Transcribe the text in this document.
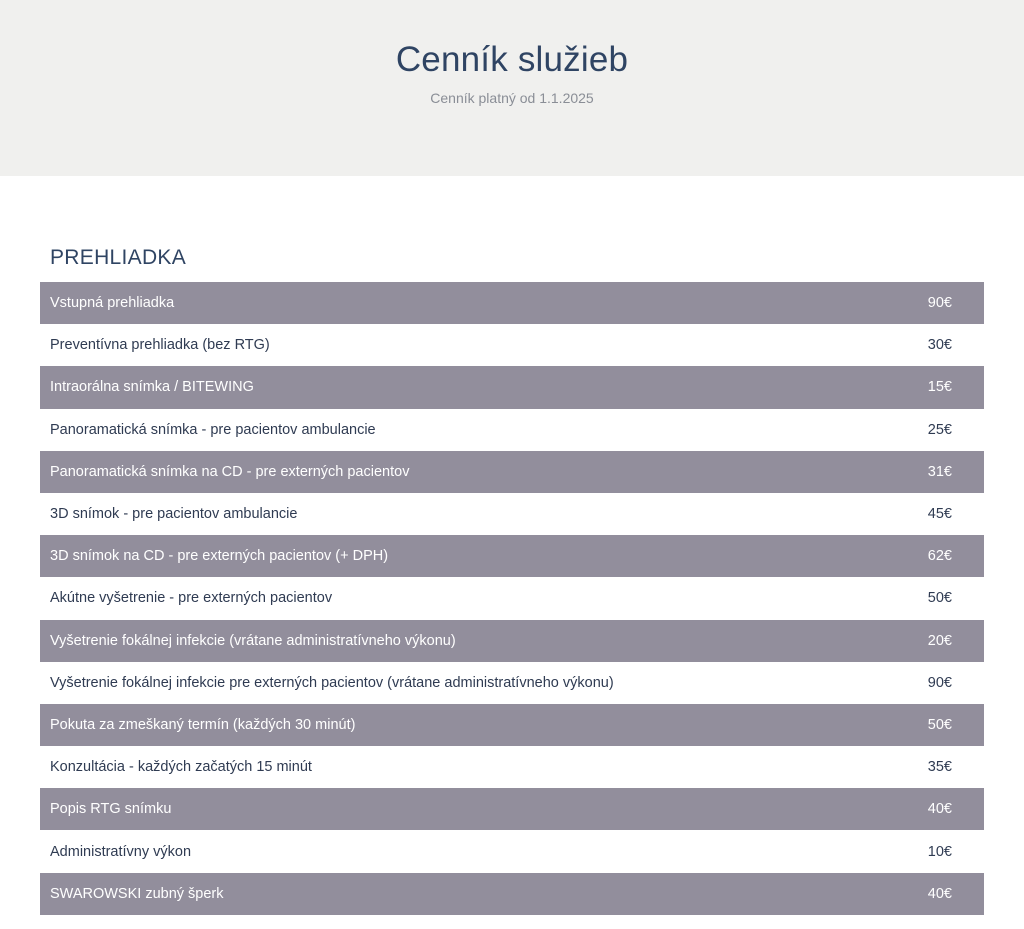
Cenník služieb
Cenník platný od 1.1.2025
PREHLIADKA
Vstupná prehliadka	90€
Preventívna prehliadka (bez RTG)	30€
Intraorálna snímka / BITEWING	15€
Panoramatická snímka - pre pacientov ambulancie	25€
Panoramatická snímka na CD - pre externých pacientov	31€
3D snímok - pre pacientov ambulancie	45€
3D snímok na CD - pre externých pacientov (+ DPH)	62€
Akútne vyšetrenie - pre externých pacientov	50€
Vyšetrenie fokálnej infekcie (vrátane administratívneho výkonu)	20€
Vyšetrenie fokálnej infekcie pre externých pacientov (vrátane administratívneho výkonu)	90€
Pokuta za zmeškaný termín (každých 30 minút)	50€
Konzultácia - každých začatých 15 minút	35€
Popis RTG snímku	40€
Administratívny výkon	10€
SWAROWSKI zubný šperk	40€
